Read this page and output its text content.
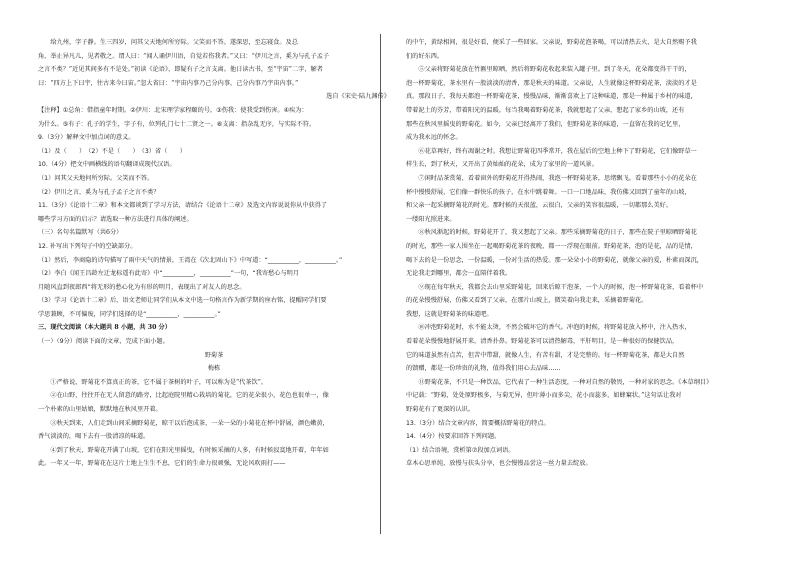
给九州，字子静。生三四岁，问其父天地何所穷际。父笑而不答。遂深思，至忘寝食。及总

角，举止异凡儿，见者敬之。谓人曰：“闻人诵伊川语，自觉若伤我者。”又曰：“伊川之言，奚为与孔子孟子

之言不类？”近见其间多有不是处。”初读《论语》，即疑有子之言支离。他日读古书，至“宇宙”二字，解者

曰：“四方上下曰宇，往古来今曰宙。”忽大省曰：“宇宙内事乃己分内事，己分内事乃宇宙内事。”

选自《宋史·陆九渊传》

【注释】①总角：借指童年时期。②伊川：北宋理学家程颐的号。③伤我：使我受到伤害。④疾为：

为什么。⑤有子：孔子的学生，字子有，位列孔门七十二贤之一。⑥支离：指杂乱无序，与实际不符。

9.（3分）解释文中加点词的意义。

（1）及（　　）　（2）不是（　　）　（3）省（　　）

10.（4分）把文中画横线的语句翻译成现代汉语。

（1）问其父天地何所穷际。父笑而不答。

（2）伊川之言，奚为与孔子孟子之言不类？

11.（3分）《论语十二章》和本文都谈到了学习方法，请结合《论语十二章》及选文内容说说你从中获得了

哪些学习方面的启示？请选取一种方法进行具体的阐述。

（三）名句名篇默写（共6分）

12. 补写出下列句子中的空缺部分。

（1）然后，李商隐的诗句描写了雨中天气的情景，王湾在《次北固山下》中写道：“__________，__________。”

（2）李白《闻王昌龄左迁龙标遥有此寄》中“__________，__________”一句，“我寄愁心与明月

月随风直到夜郎西”将无形的愁心化为有形的明月，表现出了对友人的思念。

（3）学习《论语十二章》后，语文老师让同学们从本文中选一句格言作为新学期的座右铭，提醒同学们要

学思兼顾，不可偏废，同学们选择的是“__________，__________。”

三、现代文阅读（本大题共 8 小题，共 30 分）

（一）（9分）阅读下面的文章，完成下面小题。

野菊茶

梅栋

①严格说，野菊花不算真正的茶，它不属于茶树的叶子，可以称为是“代茶饮”。

②在山野，往往开在无人留意的路旁，比起庭院里精心栽培的菊花，它的花朵很小，花色也很单一，像

一个朴素的山里姑娘，默默地在秋风里开着。

③秋天到来，人们走到山间采摘野菊花，晾干以后泡成茶，一朵一朵的小菊花在杯中舒展，颜色嫩黄，

香气淡淡的，喝下去有一股清凉的味道。

④到了秋天，野菊花开满了山坡，它们在阳光里摇曳，有时候采摘的人多，有时候寂寞地开着，年年如

此。一年又一年，野菊花在这片土地上生生不息，它们的生命力很顽强，无论风吹雨打——

的中午，黄绿相间，很是好看，便采了一些回家。父亲说，野菊花泡茶喝，可以清热去火，是大自然赐予我

们的好东西。

⑤父亲将野菊花放在竹匾里晾晒，然后将野菊花收起来装入罐子里。到了冬天，花朵都变得干干的，

泡一杯野菊花，茶水里有一股淡淡的清香，那是秋天的味道。父亲说，人生就像这杯野菊花茶，淡淡的才是

真。那段日子，我每天都泡一杯野菊花茶，慢慢品味，渐渐喜欢上了这种味道，那是一种属于乡村的味道，

带着泥土的芬芳，带着阳光的温暖。每当我喝着野菊花茶，我就想起了父亲，想起了家乡的山坡，还有

那些在秋风里摇曳的野菊花。如今，父亲已经离开了我们，但野菊花茶的味道，一直留在我的记忆里，

成为我永远的怀念。

⑥花草再好，终有凋谢之时。我想让野菊花四季常开，我在屋后的空地上种下了野菊花，它们像野草一

样生长，到了秋天，又开出了黄灿灿的花朵，成为了家里的一道风景。

⑦闲时品茶赏菊，看着窗外的野菊花开得热闹，我泡一杯野菊花茶，思绪飘飞。看着那些小小的花朵在

杯中慢慢舒展，它们像一群快乐的孩子，在水中跳着舞。一口一口地品味，我仿佛又回到了童年的山坡，

和父亲一起采摘野菊花的时光。那时候的天很蓝，云很白，父亲的笑容很温暖，一切都那么美好。

一缕阳光照进来。

⑧秋风渐起的时候，野菊花开了，我又想起了父亲。那些采摘野菊花的日子，那些在院子里晾晒野菊花

的时光，那些一家人围坐在一起喝野菊花茶的夜晚，都一一浮现在眼前。野菊花茶，泡的是花，品的是情，

喝下去的是一份思念，一份温暖，一份对生活的热爱。那一朵朵小小的野菊花，就像父亲的爱，朴素而深沉，

无论我走到哪里，都会一直陪伴着我。

⑨现在每年秋天，我都会去山里采野菊花，回来后晾干泡茶，一个人的时候，泡一杯野菊花茶，看着杯中

的花朵慢慢舒展，仿佛又看到了父亲，在那片山坡上，微笑着向我走来，采摘着野菊花。

我想，这就是野菊茶的味道吧。

⑩冲泡野菊花时，水不能太烫，不然会破坏它的香气。冲泡的时候，将野菊花放入杯中，注入热水，

看着花朵慢慢地舒展开来，清香扑鼻。野菊花茶可以清热解毒，平肝明目，是一种很好的保健饮品，

它的味道虽然有点苦，但苦中带甜，就像人生，有苦有甜，才是完整的。每一杯野菊花茶，都是大自然

的馈赠，都是一份珍贵的礼物，值得我们用心去品味……

⑪野菊花茶，不只是一种饮品，它代表了一种生活态度，一种对自然的敬畏，一种对家的思念。《本草纲目》

中记载：“野菊，处处原野极多，与菊无异，但叶薄小而多尖，花小而蕊多，如蜂窠状。”这句话让我对

野菊花有了更深的认识。

13.（3分）结合文章内容，简要概括野菊花的特点。

14.（4分）按要求回答下列问题。

（1）结合语境，赏析第⑦段加点词语。

草木心思单纯，放慢与扶头分享，也会慢慢品尝这一丝力量去绽放。
